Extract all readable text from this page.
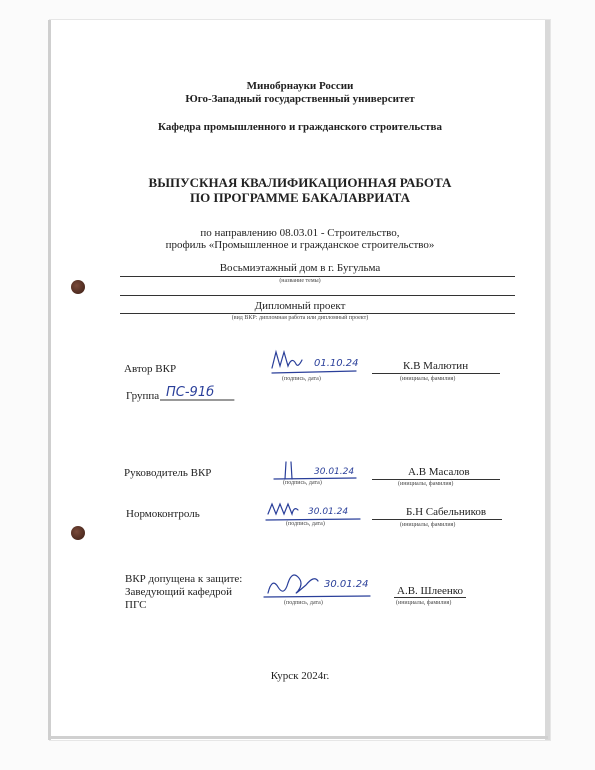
Минобрнауки России
Юго-Западный государственный университет
Кафедра промышленного и гражданского строительства
ВЫПУСКНАЯ КВАЛИФИКАЦИОННАЯ РАБОТА
ПО ПРОГРАММЕ БАКАЛАВРИАТА
по направлению 08.03.01 - Строительство,
профиль «Промышленное и гражданское строительство»
Восьмиэтажный дом в г. Бугульма
(название темы)
Дипломный проект
(вид ВКР: дипломная работа или дипломный проект)
Автор ВКР	01.10.24
(подпись, дата)
К.В Малютин
(инициалы, фамилия)
Группа ПС-91б
Руководитель ВКР	30.01.24
(подпись, дата)
А.В Масалов
(инициалы, фамилия)
Нормоконтроль	30.01.24
(подпись, дата)
Б.Н Сабельников
(инициалы, фамилия)
ВКР допущена к защите:
Заведующий кафедрой
ПГС
30.01.24
(подпись, дата)
А.В. Шлеенко
(инициалы, фамилия)
Курск 2024г.
